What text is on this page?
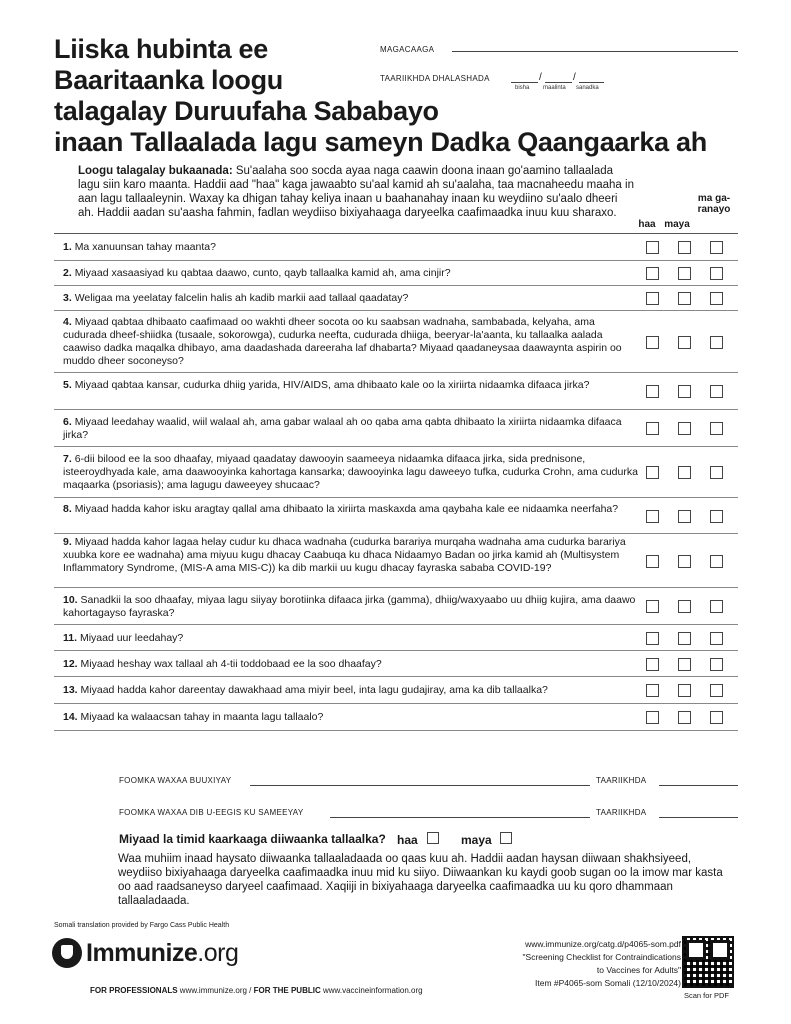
Liiska hubinta ee
Baaritaanka loogu
talagalay Duruufaha Sababayo
inaan Tallaalada lagu sameyn Dadka Qaangaarka ah
MAGACAAGA
TAARIIKHDA DHALASHADA	/	/
bisha maalinta sanadka
Loogu talagalay bukaanada: Su'aalaha soo socda ayaa naga caawin doona inaan go'aamino tallaalada lagu siin karo maanta. Haddii aad "haa" kaga jawaabto su'aal kamid ah su'aalaha, taa macnaheedu maaha in aan lagu tallaaleynin. Waxay ka dhigan tahay keliya inaan u baahanahay inaan ku weydiino su'aalo dheeri ah. Haddii aadan su'aasha fahmin, fadlan weydiiso bixiyahaaga daryeelka caafimaadka inuu kuu sharaxo.
haa maya
ma ga- ranayo
1. Ma xanuunsan tahay maanta?
2. Miyaad xasaasiyad ku qabtaa daawo, cunto, qayb tallaalka kamid ah, ama cinjir?
3. Weligaa ma yeelatay falcelin halis ah kadib markii aad tallaal qaadatay?
4. Miyaad qabtaa dhibaato caafimaad oo wakhti dheer socota oo ku saabsan wadnaha, sambabada, kelyaha, ama cudurada dheef-shiidka (tusaale, sokorowga), cudurka neefta, cudurada dhiiga, beeryar-la'aanta, ku tallaalka aalada caawiso dadka maqalka dhibayo, ama daadashada dareeraha laf dhabarta? Miyaad qaadaneysaa daawaynta aspirin oo muddo dheer soconeyso?
5. Miyaad qabtaa kansar, cudurka dhiig yarida, HIV/AIDS, ama dhibaato kale oo la xiriirta nidaamka difaaca jirka?
6. Miyaad leedahay waalid, wiil walaal ah, ama gabar walaal ah oo qaba ama qabta dhibaato la xiriirta nidaamka difaaca jirka?
7. 6-dii bilood ee la soo dhaafay, miyaad qaadatay dawooyin saameeya nidaamka difaaca jirka, sida prednisone, isteeroydhyada kale, ama daawooyinka kahortaga kansarka; dawooyinka lagu daweeyo tufka, cudurka Crohn, ama cudurka maqaarka (psoriasis); ama lagugu daweeyey shucaac?
8. Miyaad hadda kahor isku aragtay qallal ama dhibaato la xiriirta maskaxda ama qaybaha kale ee nidaamka neerfaha?
9. Miyaad hadda kahor lagaa helay cudur ku dhaca wadnaha (cudurka barariya murqaha wadnaha ama cudurka barariya xuubka kore ee wadnaha) ama miyuu kugu dhacay Caabuqa ku dhaca Nidaamyo Badan oo jirka kamid ah (Multisystem Inflammatory Syndrome, (MIS-A ama MIS-C)) ka dib markii uu kugu dhacay fayraska sababa COVID-19?
10. Sanadkii la soo dhaafay, miyaa lagu siiyay borotiinka difaaca jirka (gamma), dhiig/waxyaabo uu dhiig kujira, ama daawo kahortagayso fayraska?
11. Miyaad uur leedahay?
12. Miyaad heshay wax tallaal ah 4-tii toddobaad ee la soo dhaafay?
13. Miyaad hadda kahor dareentay dawakhaad ama miyir beel, inta lagu gudajiray, ama ka dib tallaalka?
14. Miyaad ka walaacsan tahay in maanta lagu tallaalo?
FOOMKA WAXAA BUUXIYAY	TAARIIKHDA
FOOMKA WAXAA DIB U-EEGIS KU SAMEEYAY	TAARIIKHDA
Miyaad la timid kaarkaaga diiwaanka tallaalka? haa	maya
Waa muhiim inaad haysato diiwaanka tallaaladaada oo qaas kuu ah. Haddii aadan haysan diiwaan shakhsiyeed, weydiiso bixiyahaaga daryeelka caafimaadka inuu mid ku siiyo. Diiwaankan ku kaydi goob sugan oo la imow mar kasta oo aad raadsaneyso daryeel caafimaad. Xaqiiji in bixiyahaaga daryeelka caafimaadka uu ku qoro dhammaan tallaaladaada.
Somali translation provided by Fargo Cass Public Health
Immunize.org
FOR PROFESSIONALS www.immunize.org / FOR THE PUBLIC www.vaccineinformation.org
www.immunize.org/catg.d/p4065-som.pdf
"Screening Checklist for Contraindications
to Vaccines for Adults"
Item #P4065-som Somali (12/10/2024)
Scan for PDF
